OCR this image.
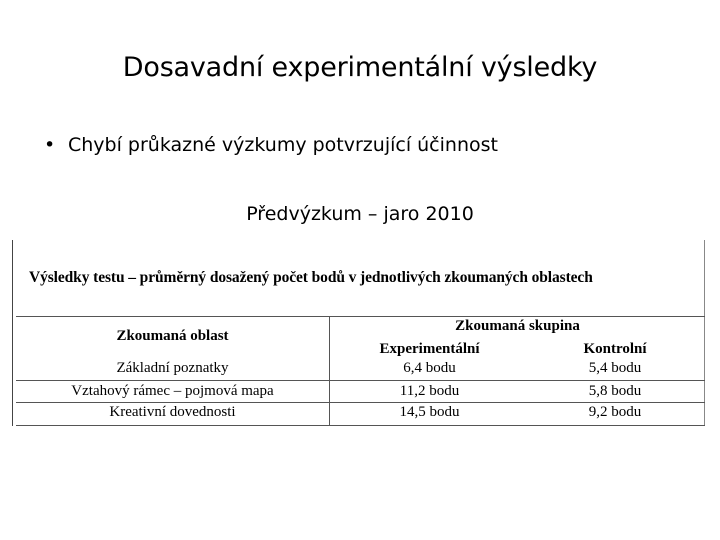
Dosavadní experimentální výsledky
• Chybí průkazné výzkumy potvrzující účinnost
Předvýzkum – jaro 2010
Výsledky testu – průměrný dosažený počet bodů v jednotlivých zkoumaných oblastech
Zkoumaná oblast
Zkoumaná skupina
Experimentální	Kontrolní
Základní poznatky	6,4 bodu	5,4 bodu
Vztahový rámec – pojmová mapa	11,2 bodu	5,8 bodu
Kreativní dovednosti	14,5 bodu	9,2 bodu
